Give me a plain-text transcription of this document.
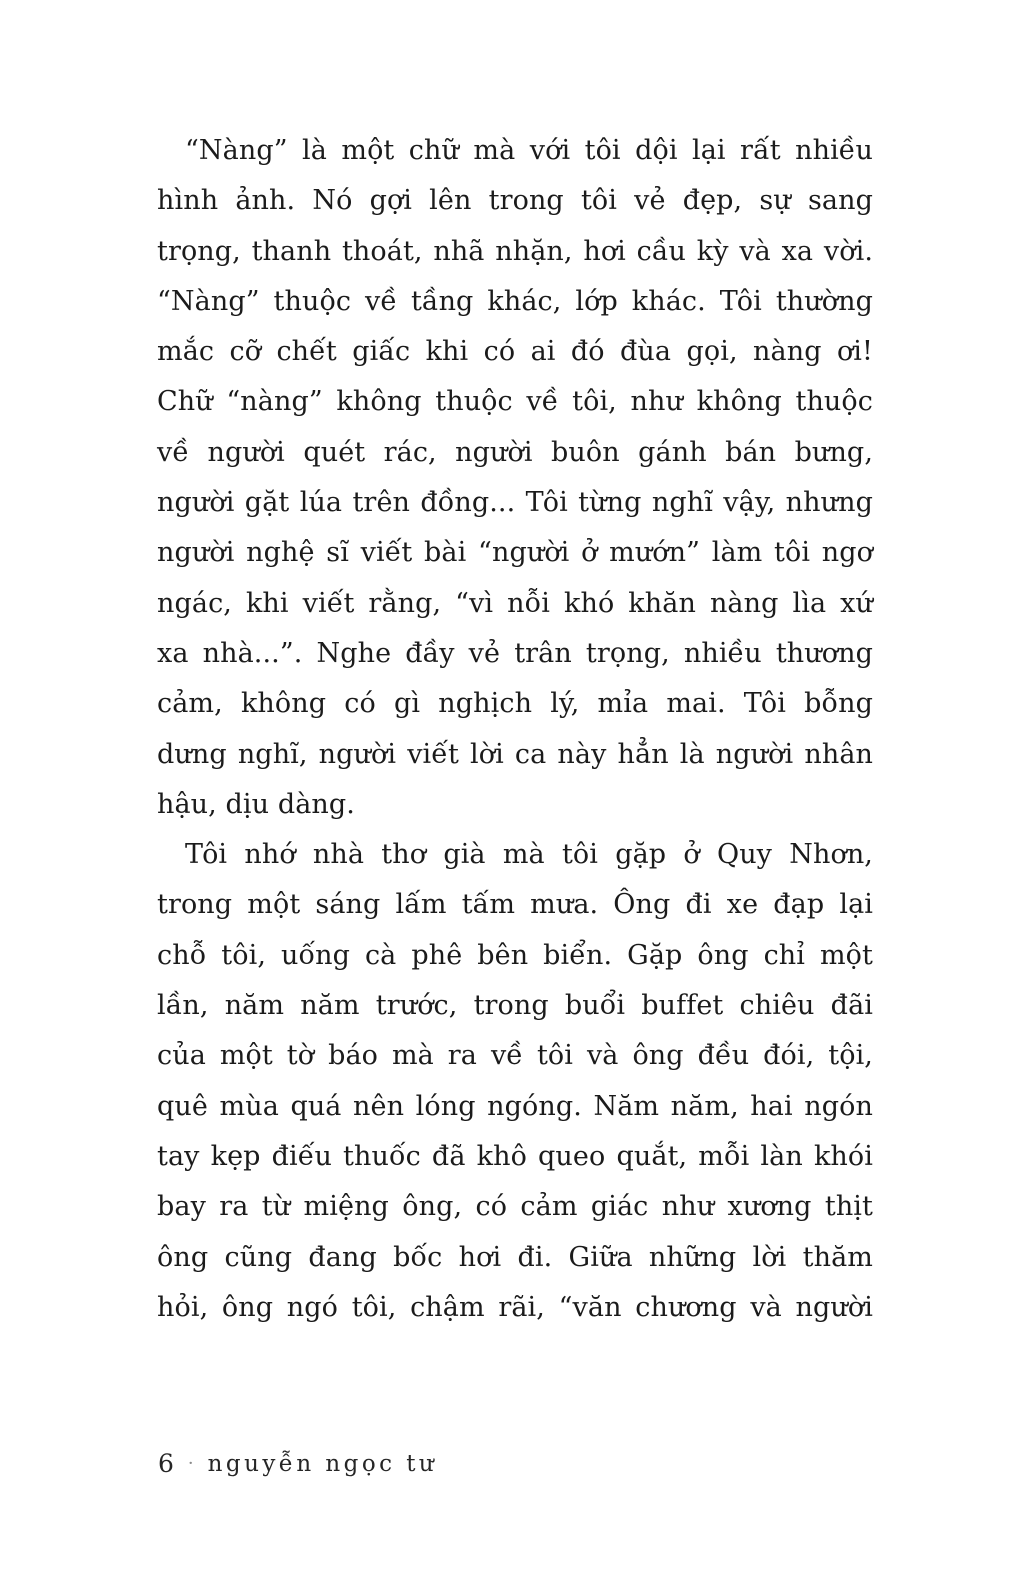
“Nàng” là một chữ mà với tôi dội lại rất nhiều
hình ảnh. Nó gợi lên trong tôi vẻ đẹp, sự sang
trọng, thanh thoát, nhã nhặn, hơi cầu kỳ và xa vời.
“Nàng” thuộc về tầng khác, lớp khác. Tôi thường
mắc cỡ chết giấc khi có ai đó đùa gọi, nàng ơi!
Chữ “nàng” không thuộc về tôi, như không thuộc
về người quét rác, người buôn gánh bán bưng,
người gặt lúa trên đồng... Tôi từng nghĩ vậy, nhưng
người nghệ sĩ viết bài “người ở mướn” làm tôi ngơ
ngác, khi viết rằng, “vì nỗi khó khăn nàng lìa xứ
xa nhà...”. Nghe đầy vẻ trân trọng, nhiều thương
cảm, không có gì nghịch lý, mỉa mai. Tôi bỗng
dưng nghĩ, người viết lời ca này hẳn là người nhân
hậu, dịu dàng.

Tôi nhớ nhà thơ già mà tôi gặp ở Quy Nhơn,
trong một sáng lấm tấm mưa. Ông đi xe đạp lại
chỗ tôi, uống cà phê bên biển. Gặp ông chỉ một
lần, năm năm trước, trong buổi buffet chiêu đãi
của một tờ báo mà ra về tôi và ông đều đói, tội,
quê mùa quá nên lóng ngóng. Năm năm, hai ngón
tay kẹp điếu thuốc đã khô queo quắt, mỗi làn khói
bay ra từ miệng ông, có cảm giác như xương thịt
ông cũng đang bốc hơi đi. Giữa những lời thăm
hỏi, ông ngó tôi, chậm rãi, “văn chương và người

6 · nguyễn ngọc tư
